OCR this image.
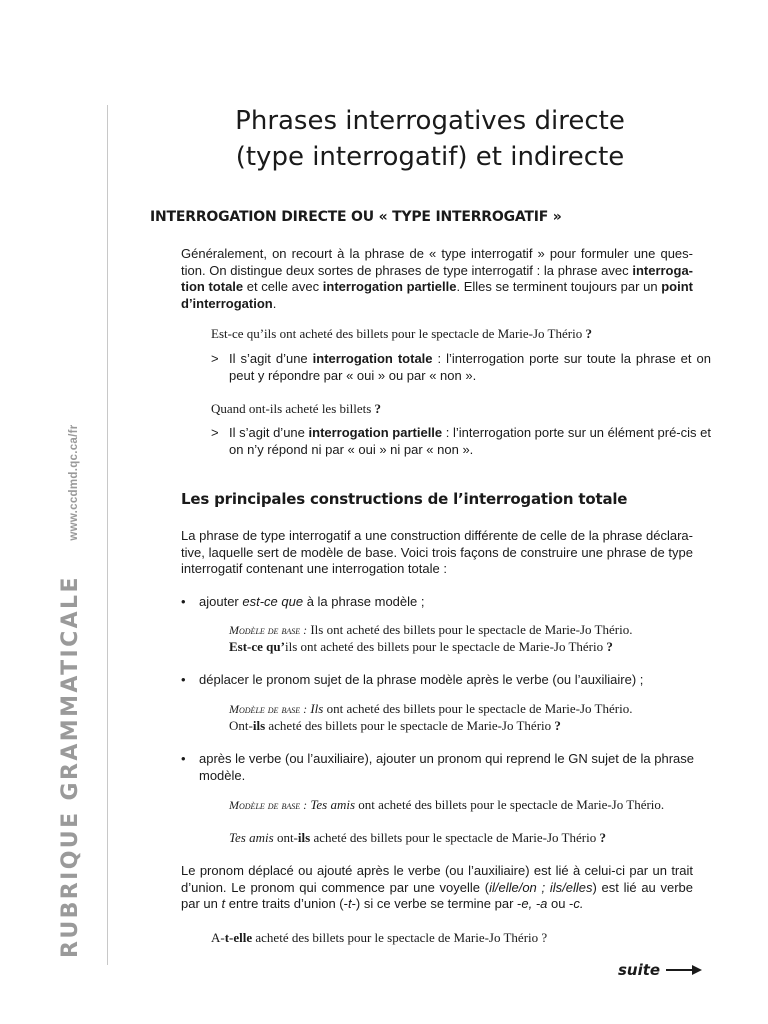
RUBRIQUE GRAMMATICALE www.ccdmd.qc.ca/fr
Phrases interrogatives directe
(type interrogatif) et indirecte
INTERROGATION DIRECTE OU « TYPE INTERROGATIF »

Généralement, on recourt à la phrase de « type interrogatif » pour formuler une ques-tion. On distingue deux sortes de phrases de type interrogatif : la phrase avec interroga-tion totale et celle avec interrogation partielle. Elles se terminent toujours par un point d’interrogation.

Est-ce qu’ils ont acheté des billets pour le spectacle de Marie-Jo Thério ?

> Il s’agit d’une interrogation totale : l’interrogation porte sur toute la phrase et on peut y répondre par « oui » ou par « non ».

Quand ont-ils acheté les billets ?

> Il s’agit d’une interrogation partielle : l’interrogation porte sur un élément pré-cis et on n’y répond ni par « oui » ni par « non ».

Les principales constructions de l’interrogation totale

La phrase de type interrogatif a une construction différente de celle de la phrase déclara-tive, laquelle sert de modèle de base. Voici trois façons de construire une phrase de type interrogatif contenant une interrogation totale :

• ajouter est-ce que à la phrase modèle ;

Modèle de base : Ils ont acheté des billets pour le spectacle de Marie-Jo Thério.

Est-ce qu’ils ont acheté des billets pour le spectacle de Marie-Jo Thério ?

• déplacer le pronom sujet de la phrase modèle après le verbe (ou l’auxiliaire) ;

Modèle de base : Ils ont acheté des billets pour le spectacle de Marie-Jo Thério.

Ont-ils acheté des billets pour le spectacle de Marie-Jo Thério ?

• après le verbe (ou l’auxiliaire), ajouter un pronom qui reprend le GN sujet de la phrase modèle.

Modèle de base : Tes amis ont acheté des billets pour le spectacle de Marie-Jo Thério.

Tes amis ont-ils acheté des billets pour le spectacle de Marie-Jo Thério ?

Le pronom déplacé ou ajouté après le verbe (ou l’auxiliaire) est lié à celui-ci par un trait d’union. Le pronom qui commence par une voyelle (il/elle/on ; ils/elles) est lié au verbe par un t entre traits d’union (-t-) si ce verbe se termine par -e, -a ou -c.

A-t-elle acheté des billets pour le spectacle de Marie-Jo Thério ?

suite
